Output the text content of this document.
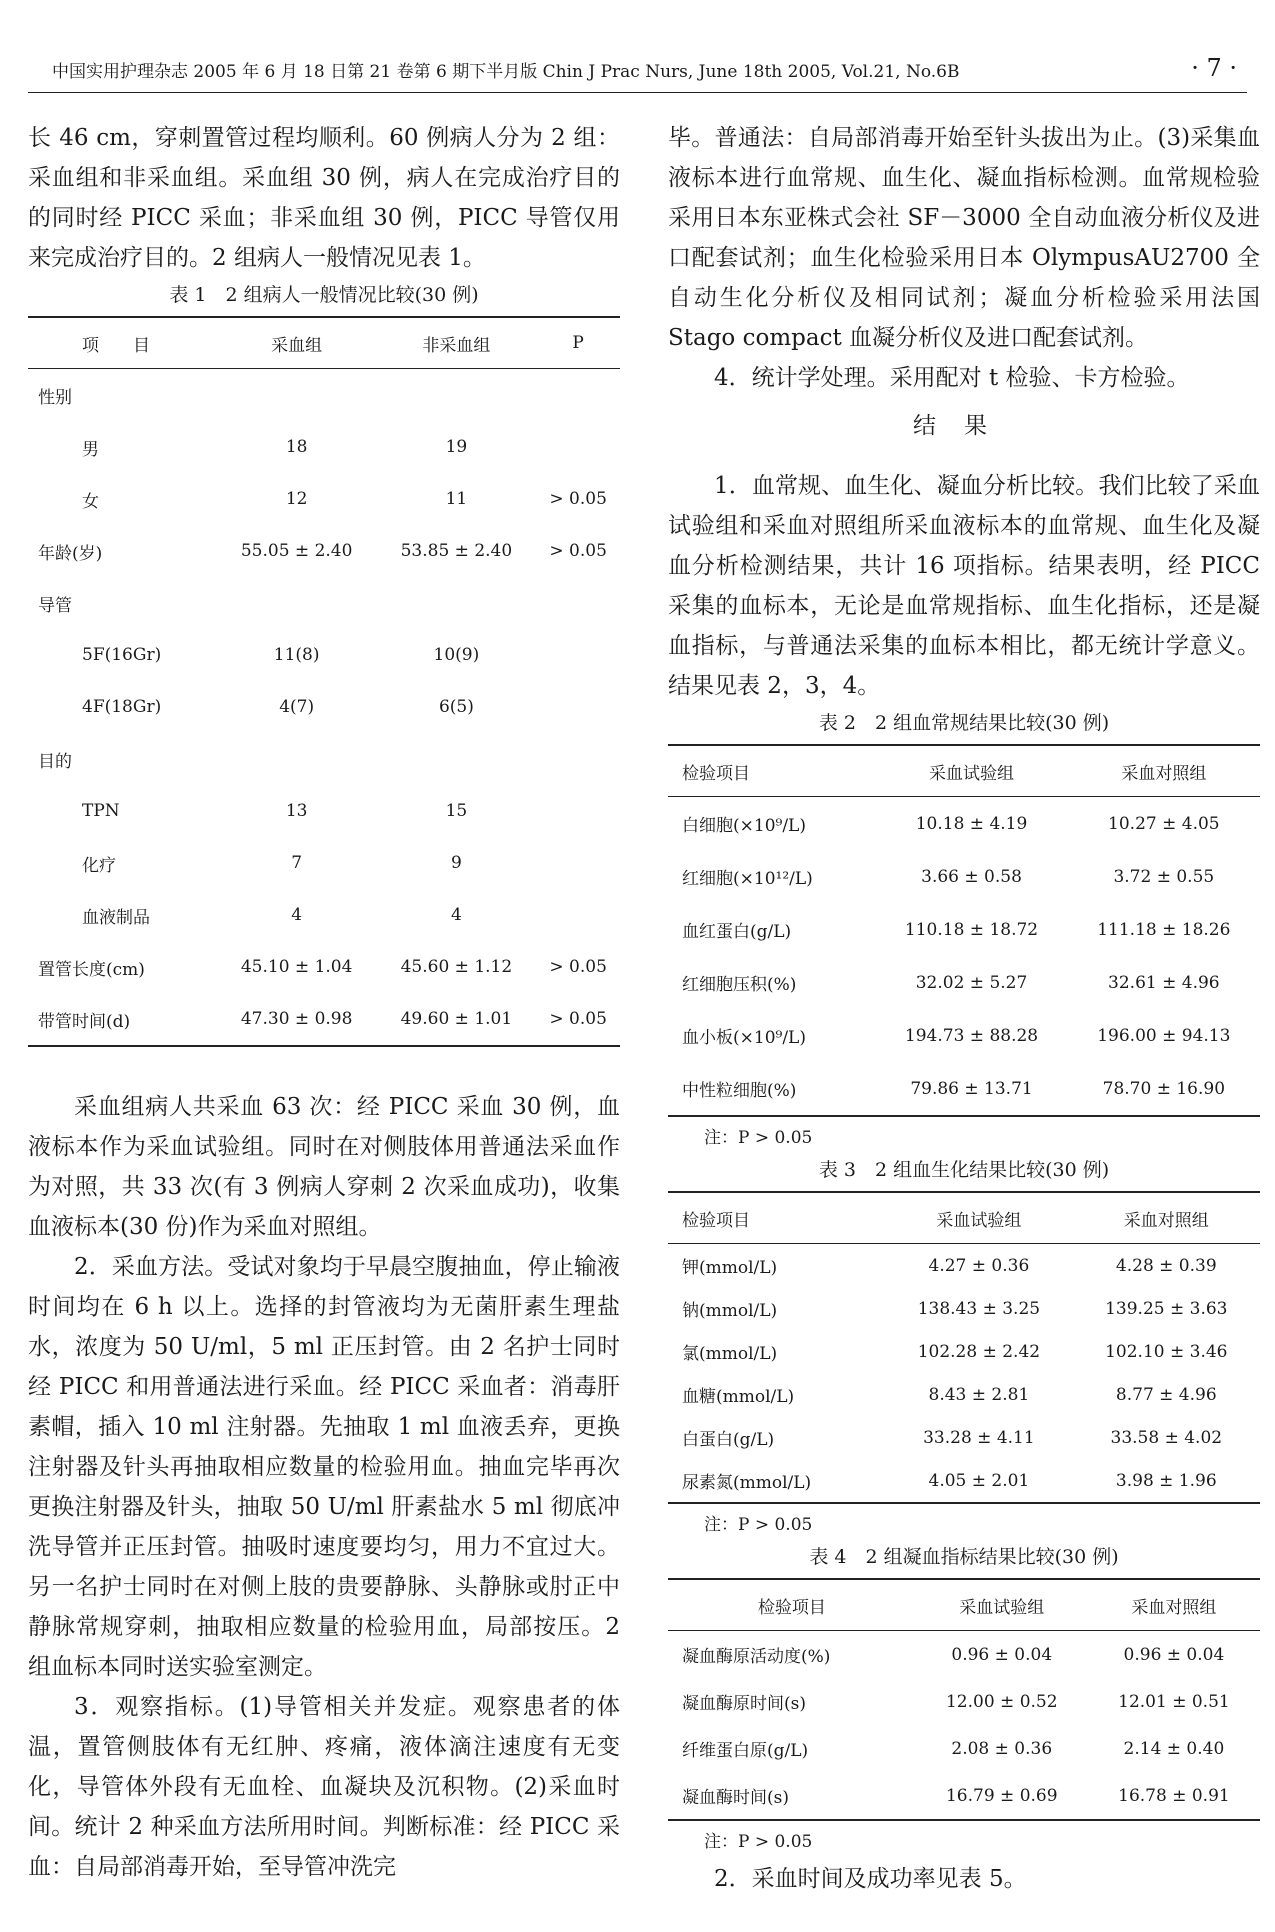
中国实用护理杂志 2005 年 6 月 18 日第 21 卷第 6 期下半月版 Chin J Prac Nurs, June 18th 2005, Vol.21, No.6B	· 7 ·

长 46 cm，穿刺置管过程均顺利。60 例病人分为 2 组：采血组和非采血组。采血组 30 例，病人在完成治疗目的的同时经 PICC 采血；非采血组 30 例，PICC 导管仅用来完成治疗目的。2 组病人一般情况见表 1。

表 1　2 组病人一般情况比较(30 例)
项　　目	采血组	非采血组	P
性别			
男	18	19	
女	12	11	> 0.05
年龄(岁)	55.05 ± 2.40	53.85 ± 2.40	> 0.05
导管			
5F(16Gr)	11(8)	10(9)	
4F(18Gr)	4(7)	6(5)	
目的			
TPN	13	15	
化疗	7	9	
血液制品	4	4	
置管长度(cm)	45.10 ± 1.04	45.60 ± 1.12	> 0.05
带管时间(d)	47.30 ± 0.98	49.60 ± 1.01	> 0.05

采血组病人共采血 63 次：经 PICC 采血 30 例，血液标本作为采血试验组。同时在对侧肢体用普通法采血作为对照，共 33 次(有 3 例病人穿刺 2 次采血成功)，收集血液标本(30 份)作为采血对照组。

2．采血方法。受试对象均于早晨空腹抽血，停止输液时间均在 6 h 以上。选择的封管液均为无菌肝素生理盐水，浓度为 50 U/ml，5 ml 正压封管。由 2 名护士同时经 PICC 和用普通法进行采血。经 PICC 采血者：消毒肝素帽，插入 10 ml 注射器。先抽取 1 ml 血液丢弃，更换注射器及针头再抽取相应数量的检验用血。抽血完毕再次更换注射器及针头，抽取 50 U/ml 肝素盐水 5 ml 彻底冲洗导管并正压封管。抽吸时速度要均匀，用力不宜过大。另一名护士同时在对侧上肢的贵要静脉、头静脉或肘正中静脉常规穿刺，抽取相应数量的检验用血，局部按压。2 组血标本同时送实验室测定。

3．观察指标。(1)导管相关并发症。观察患者的体温，置管侧肢体有无红肿、疼痛，液体滴注速度有无变化，导管体外段有无血栓、血凝块及沉积物。(2)采血时间。统计 2 种采血方法所用时间。判断标准：经 PICC 采血：自局部消毒开始，至导管冲洗完

毕。普通法：自局部消毒开始至针头拔出为止。(3)采集血液标本进行血常规、血生化、凝血指标检测。血常规检验采用日本东亚株式会社 SF－3000 全自动血液分析仪及进口配套试剂；血生化检验采用日本 OlympusAU2700 全自动生化分析仪及相同试剂；凝血分析检验采用法国 Stago compact 血凝分析仪及进口配套试剂。

4．统计学处理。采用配对 t 检验、卡方检验。

结果

1．血常规、血生化、凝血分析比较。我们比较了采血试验组和采血对照组所采血液标本的血常规、血生化及凝血分析检测结果，共计 16 项指标。结果表明，经 PICC 采集的血标本，无论是血常规指标、血生化指标，还是凝血指标，与普通法采集的血标本相比，都无统计学意义。结果见表 2，3，4。

表 2　2 组血常规结果比较(30 例)
检验项目	采血试验组	采血对照组
白细胞(×10⁹/L)	10.18 ± 4.19	10.27 ± 4.05
红细胞(×10¹²/L)	3.66 ± 0.58	3.72 ± 0.55
血红蛋白(g/L)	110.18 ± 18.72	111.18 ± 18.26
红细胞压积(%)	32.02 ± 5.27	32.61 ± 4.96
血小板(×10⁹/L)	194.73 ± 88.28	196.00 ± 94.13
中性粒细胞(%)	79.86 ± 13.71	78.70 ± 16.90
注：P > 0.05
表 3　2 组血生化结果比较(30 例)
检验项目	采血试验组	采血对照组
钾(mmol/L)	4.27 ± 0.36	4.28 ± 0.39
钠(mmol/L)	138.43 ± 3.25	139.25 ± 3.63
氯(mmol/L)	102.28 ± 2.42	102.10 ± 3.46
血糖(mmol/L)	8.43 ± 2.81	8.77 ± 4.96
白蛋白(g/L)	33.28 ± 4.11	33.58 ± 4.02
尿素氮(mmol/L)	4.05 ± 2.01	3.98 ± 1.96
注：P > 0.05
表 4　2 组凝血指标结果比较(30 例)
检验项目	采血试验组	采血对照组
凝血酶原活动度(%)	0.96 ± 0.04	0.96 ± 0.04
凝血酶原时间(s)	12.00 ± 0.52	12.01 ± 0.51
纤维蛋白原(g/L)	2.08 ± 0.36	2.14 ± 0.40
凝血酶时间(s)	16.79 ± 0.69	16.78 ± 0.91
注：P > 0.05

2．采血时间及成功率见表 5。
